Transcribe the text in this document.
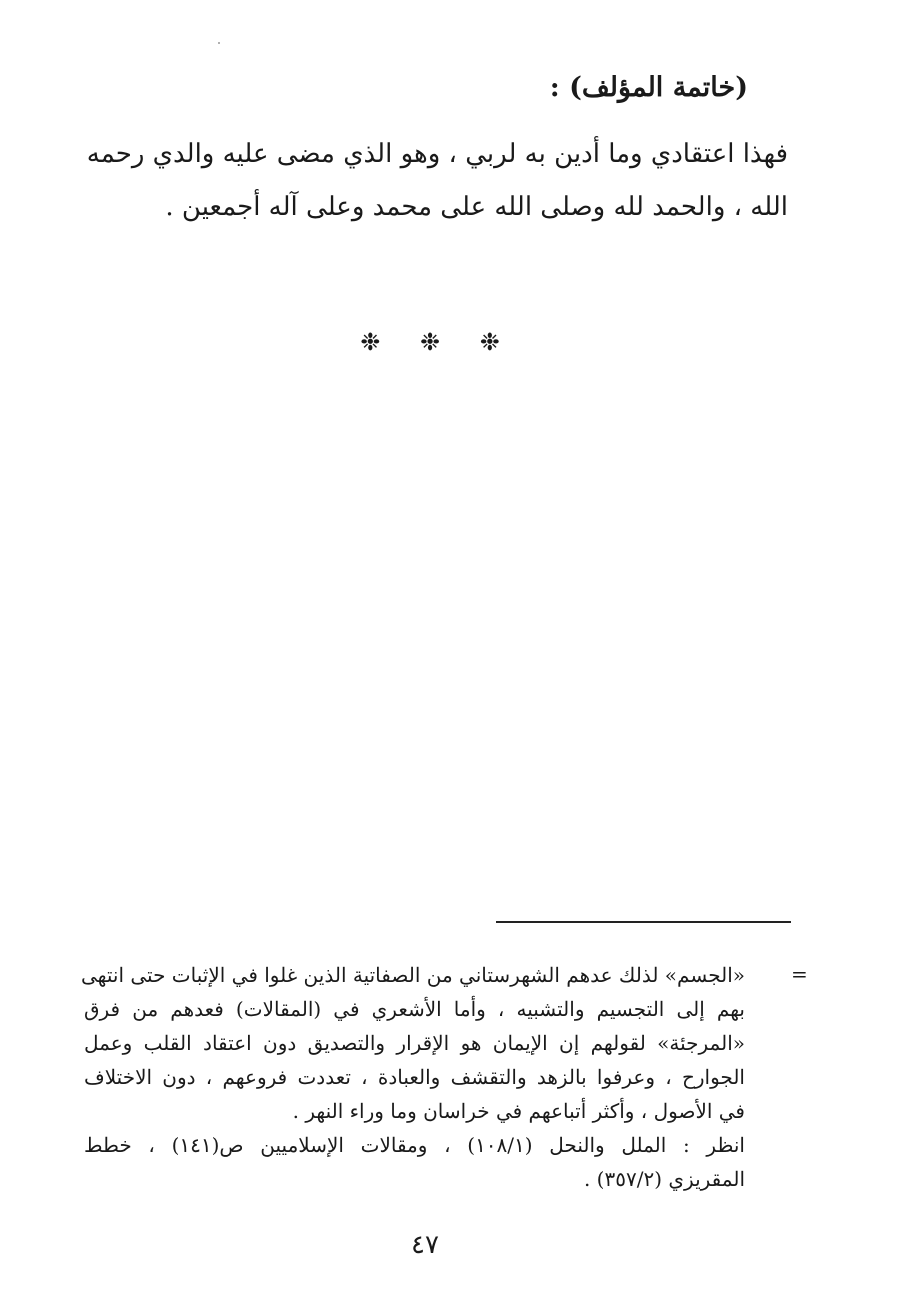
(خاتمة المؤلف) :
فهذا اعتقادي وما أدين به لربي ، وهو الذي مضى عليه والدي رحمه
الله ، والحمد لله وصلى الله على محمد وعلى آله أجمعين .
❉ ❉ ❉
=
«الجسم» لذلك عدهم الشهرستاني من الصفاتية الذين غلوا في الإثبات حتى انتهى
بهم إلى التجسيم والتشبيه ، وأما الأشعري في (المقالات) فعدهم من فرق
«المرجئة» لقولهم إن الإيمان هو الإقرار والتصديق دون اعتقاد القلب وعمل
الجوارح ، وعرفوا بالزهد والتقشف والعبادة ، تعددت فروعهم ، دون الاختلاف
في الأصول ، وأكثر أتباعهم في خراسان وما وراء النهر .
انظر : الملل والنحل (١٠٨/١) ، ومقالات الإسلاميين ص(١٤١) ، خطط
المقريزي (٣٥٧/٢) .
٤٧
